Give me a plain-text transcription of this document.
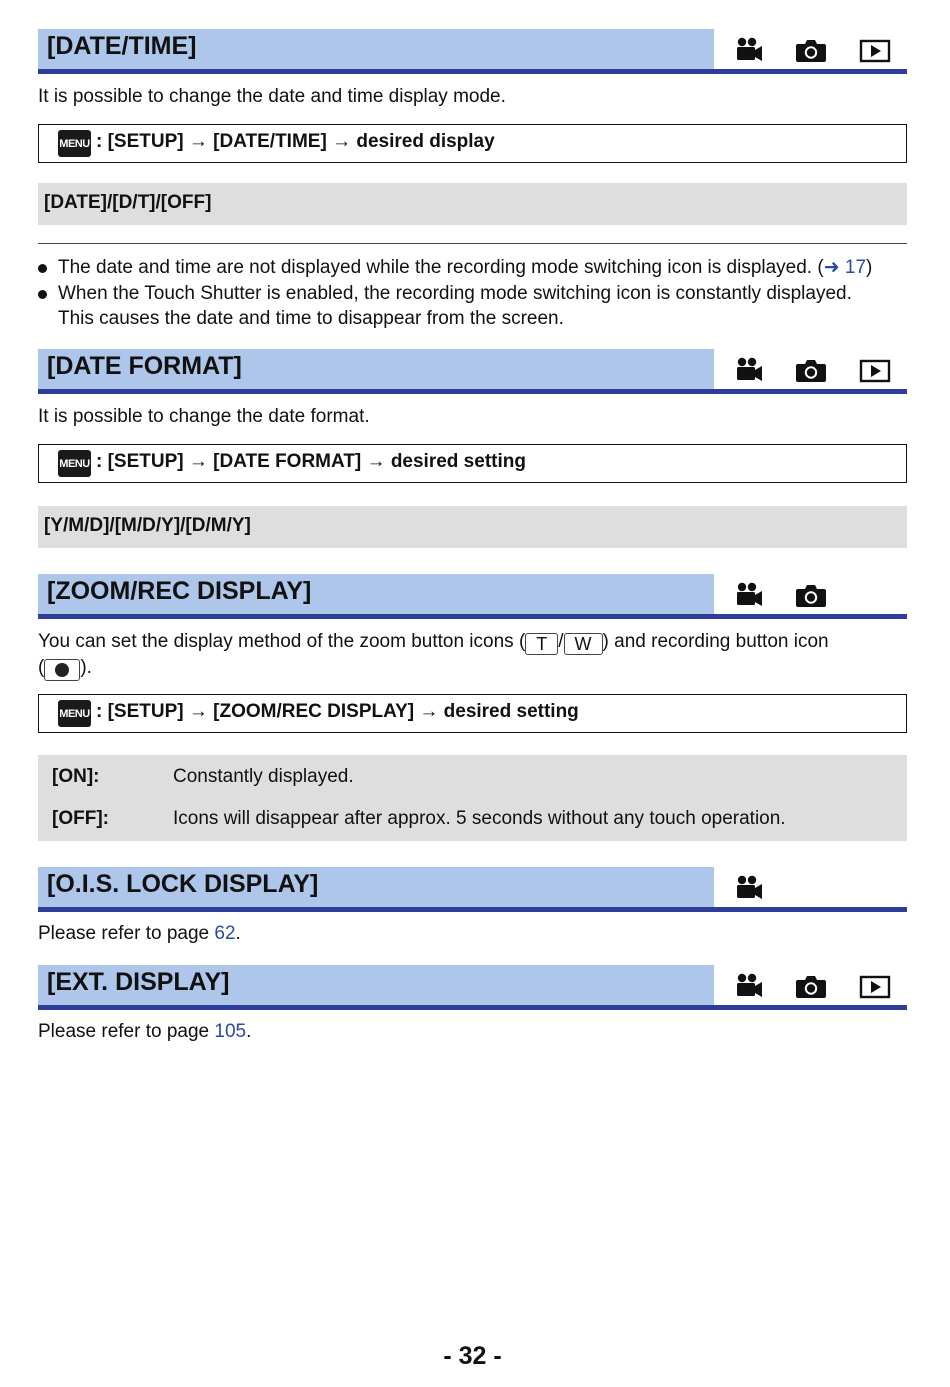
[DATE/TIME]
It is possible to change the date and time display mode.
MENU : [SETUP] → [DATE/TIME] → desired display
[DATE]/[D/T]/[OFF]
The date and time are not displayed while the recording mode switching icon is displayed. (➜ 17)
When the Touch Shutter is enabled, the recording mode switching icon is constantly displayed.
This causes the date and time to disappear from the screen.
[DATE FORMAT]
It is possible to change the date format.
MENU : [SETUP] → [DATE FORMAT] → desired setting
[Y/M/D]/[M/D/Y]/[D/M/Y]
[ZOOM/REC DISPLAY]
You can set the display method of the zoom button icons ( T / W ) and recording button icon
( ).
MENU : [SETUP] → [ZOOM/REC DISPLAY] → desired setting
[ON]:	Constantly displayed.
[OFF]:	Icons will disappear after approx. 5 seconds without any touch operation.
[O.I.S. LOCK DISPLAY]
Please refer to page 62.
[EXT. DISPLAY]
Please refer to page 105.
- 32 -
